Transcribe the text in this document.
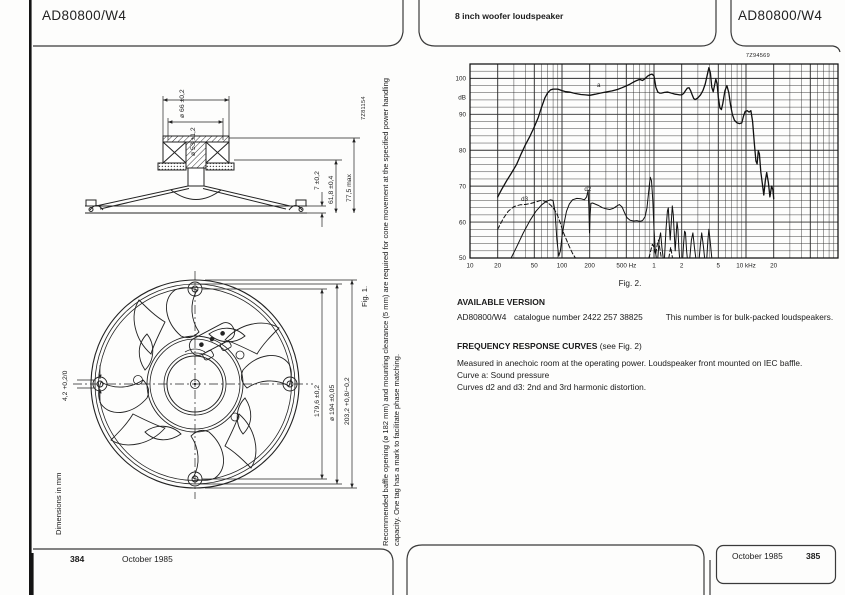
AD80800/W4	8 inch woofer loudspeaker	AD80800/W4
ø 66 ±0,2
ø 53 ±1,2
7 ±0,2 61,8 ±0,4 77,5 max
7Z81154
179,6 ±0,2 ø 194 ±0,05 203,2 +0,8/−0,2
4,2 +0,2/0
Fig. 1. Recommended baffle opening (ø 182 mm) and mounting clearance (5 mm) are required for cone movement at the specified power handling capacity. One tag has a mark to facilitate phase matching.
Dimensions in mm
384	October 1985
7Z94569
50
60
70
80
90
100
dB
10	20	50	100	200	500 Hz	1	2	5	10 kHz 20
a
d2
d3
Fig. 2.
AVAILABLE VERSION
AD80800/W4 catalogue number 2422 257 38825	This number is for bulk-packed loudspeakers.
FREQUENCY RESPONSE CURVES (see Fig. 2)
Measured in anechoic room at the operating power. Loudspeaker front mounted on IEC baffle.
Curve a: Sound pressure
Curves d2 and d3: 2nd and 3rd harmonic distortion.
October 1985	385
